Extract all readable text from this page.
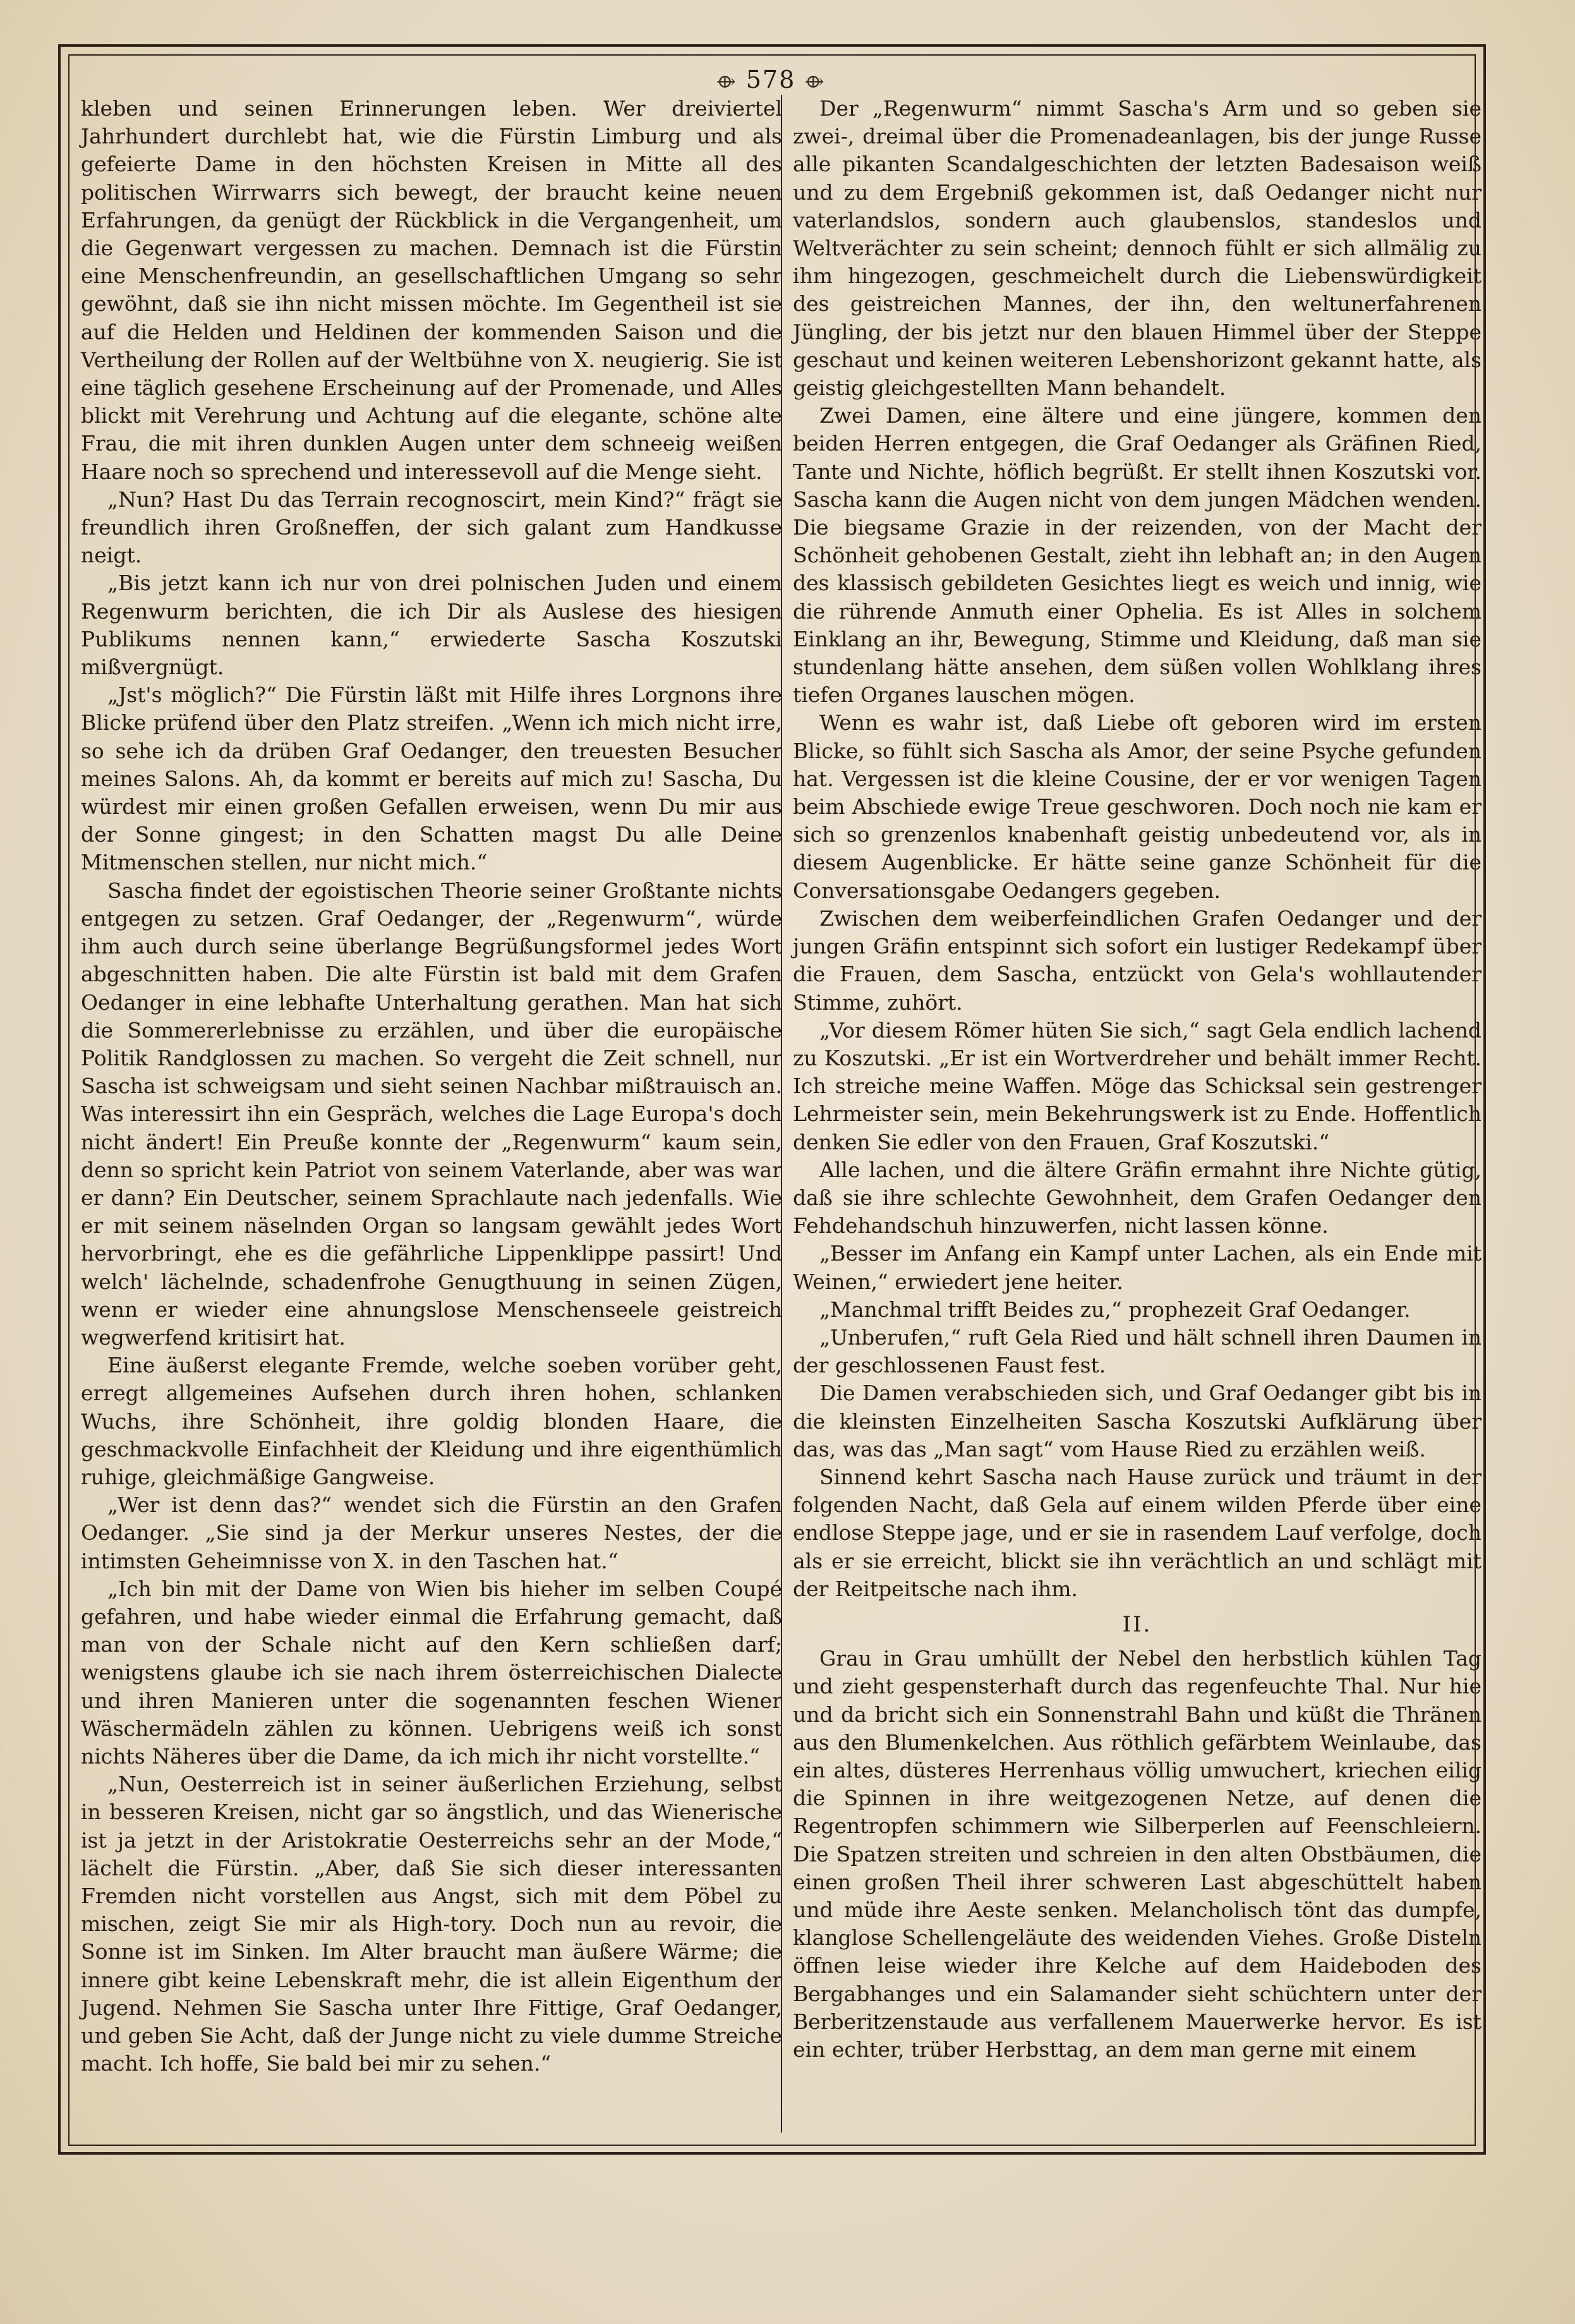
⟴ 578 ⟴

kleben und seinen Erinnerungen leben. Wer dreiviertel Jahrhundert durchlebt hat, wie die Fürstin Limburg und als gefeierte Dame in den höchsten Kreisen in Mitte all des politischen Wirrwarrs sich bewegt, der braucht keine neuen Erfahrungen, da genügt der Rückblick in die Vergangenheit, um die Gegenwart vergessen zu machen. Demnach ist die Fürstin eine Menschenfreundin, an gesellschaftlichen Umgang so sehr gewöhnt, daß sie ihn nicht missen möchte. Im Gegentheil ist sie auf die Helden und Heldinen der kommenden Saison und die Vertheilung der Rollen auf der Weltbühne von X. neugierig. Sie ist eine täglich gesehene Erscheinung auf der Promenade, und Alles blickt mit Verehrung und Achtung auf die elegante, schöne alte Frau, die mit ihren dunklen Augen unter dem schneeig weißen Haare noch so sprechend und interessevoll auf die Menge sieht.

„Nun? Hast Du das Terrain recognoscirt, mein Kind?“ frägt sie freundlich ihren Großneffen, der sich galant zum Handkusse neigt.

„Bis jetzt kann ich nur von drei polnischen Juden und einem Regenwurm berichten, die ich Dir als Auslese des hiesigen Publikums nennen kann,“ erwiederte Sascha Koszutski mißvergnügt.

„Jst's möglich?“ Die Fürstin läßt mit Hilfe ihres Lorgnons ihre Blicke prüfend über den Platz streifen. „Wenn ich mich nicht irre, so sehe ich da drüben Graf Oedanger, den treuesten Besucher meines Salons. Ah, da kommt er bereits auf mich zu! Sascha, Du würdest mir einen großen Gefallen erweisen, wenn Du mir aus der Sonne gingest; in den Schatten magst Du alle Deine Mitmenschen stellen, nur nicht mich.“

Sascha findet der egoistischen Theorie seiner Großtante nichts entgegen zu setzen. Graf Oedanger, der „Regenwurm“, würde ihm auch durch seine überlange Begrüßungsformel jedes Wort abgeschnitten haben. Die alte Fürstin ist bald mit dem Grafen Oedanger in eine lebhafte Unterhaltung gerathen. Man hat sich die Sommererlebnisse zu erzählen, und über die europäische Politik Randglossen zu machen. So vergeht die Zeit schnell, nur Sascha ist schweigsam und sieht seinen Nachbar mißtrauisch an. Was interessirt ihn ein Gespräch, welches die Lage Europa's doch nicht ändert! Ein Preuße konnte der „Regenwurm“ kaum sein, denn so spricht kein Patriot von seinem Vaterlande, aber was war er dann? Ein Deutscher, seinem Sprachlaute nach jedenfalls. Wie er mit seinem näselnden Organ so langsam gewählt jedes Wort hervorbringt, ehe es die gefährliche Lippenklippe passirt! Und welch' lächelnde, schadenfrohe Genugthuung in seinen Zügen, wenn er wieder eine ahnungslose Menschenseele geistreich wegwerfend kritisirt hat.

Eine äußerst elegante Fremde, welche soeben vorüber geht, erregt allgemeines Aufsehen durch ihren hohen, schlanken Wuchs, ihre Schönheit, ihre goldig blonden Haare, die geschmackvolle Einfachheit der Kleidung und ihre eigenthümlich ruhige, gleichmäßige Gangweise.

„Wer ist denn das?“ wendet sich die Fürstin an den Grafen Oedanger. „Sie sind ja der Merkur unseres Nestes, der die intimsten Geheimnisse von X. in den Taschen hat.“

„Ich bin mit der Dame von Wien bis hieher im selben Coupé gefahren, und habe wieder einmal die Erfahrung gemacht, daß man von der Schale nicht auf den Kern schließen darf; wenigstens glaube ich sie nach ihrem österreichischen Dialecte und ihren Manieren unter die sogenannten feschen Wiener Wäschermädeln zählen zu können. Uebrigens weiß ich sonst nichts Näheres über die Dame, da ich mich ihr nicht vorstellte.“

„Nun, Oesterreich ist in seiner äußerlichen Erziehung, selbst in besseren Kreisen, nicht gar so ängstlich, und das Wienerische ist ja jetzt in der Aristokratie Oesterreichs sehr an der Mode,“ lächelt die Fürstin. „Aber, daß Sie sich dieser interessanten Fremden nicht vorstellen aus Angst, sich mit dem Pöbel zu mischen, zeigt Sie mir als High-tory. Doch nun au revoir, die Sonne ist im Sinken. Im Alter braucht man äußere Wärme; die innere gibt keine Lebenskraft mehr, die ist allein Eigenthum der Jugend. Nehmen Sie Sascha unter Ihre Fittige, Graf Oedanger, und geben Sie Acht, daß der Junge nicht zu viele dumme Streiche macht. Ich hoffe, Sie bald bei mir zu sehen.“

Der „Regenwurm“ nimmt Sascha's Arm und so geben sie zwei-, dreimal über die Promenadeanlagen, bis der junge Russe alle pikanten Scandalgeschichten der letzten Badesaison weiß und zu dem Ergebniß gekommen ist, daß Oedanger nicht nur vaterlandslos, sondern auch glaubenslos, standeslos und Weltverächter zu sein scheint; dennoch fühlt er sich allmälig zu ihm hingezogen, geschmeichelt durch die Liebenswürdigkeit des geistreichen Mannes, der ihn, den weltunerfahrenen Jüngling, der bis jetzt nur den blauen Himmel über der Steppe geschaut und keinen weiteren Lebenshorizont gekannt hatte, als geistig gleichgestellten Mann behandelt.

Zwei Damen, eine ältere und eine jüngere, kommen den beiden Herren entgegen, die Graf Oedanger als Gräfinen Ried, Tante und Nichte, höflich begrüßt. Er stellt ihnen Koszutski vor. Sascha kann die Augen nicht von dem jungen Mädchen wenden. Die biegsame Grazie in der reizenden, von der Macht der Schönheit gehobenen Gestalt, zieht ihn lebhaft an; in den Augen des klassisch gebildeten Gesichtes liegt es weich und innig, wie die rührende Anmuth einer Ophelia. Es ist Alles in solchem Einklang an ihr, Bewegung, Stimme und Kleidung, daß man sie stundenlang hätte ansehen, dem süßen vollen Wohlklang ihres tiefen Organes lauschen mögen.

Wenn es wahr ist, daß Liebe oft geboren wird im ersten Blicke, so fühlt sich Sascha als Amor, der seine Psyche gefunden hat. Vergessen ist die kleine Cousine, der er vor wenigen Tagen beim Abschiede ewige Treue geschworen. Doch noch nie kam er sich so grenzenlos knabenhaft geistig unbedeutend vor, als in diesem Augenblicke. Er hätte seine ganze Schönheit für die Conversationsgabe Oedangers gegeben.

Zwischen dem weiberfeindlichen Grafen Oedanger und der jungen Gräfin entspinnt sich sofort ein lustiger Redekampf über die Frauen, dem Sascha, entzückt von Gela's wohllautender Stimme, zuhört.

„Vor diesem Römer hüten Sie sich,“ sagt Gela endlich lachend zu Koszutski. „Er ist ein Wortverdreher und behält immer Recht. Ich streiche meine Waffen. Möge das Schicksal sein gestrenger Lehrmeister sein, mein Bekehrungswerk ist zu Ende. Hoffentlich denken Sie edler von den Frauen, Graf Koszutski.“

Alle lachen, und die ältere Gräfin ermahnt ihre Nichte gütig, daß sie ihre schlechte Gewohnheit, dem Grafen Oedanger den Fehdehandschuh hinzuwerfen, nicht lassen könne.

„Besser im Anfang ein Kampf unter Lachen, als ein Ende mit Weinen,“ erwiedert jene heiter.

„Manchmal trifft Beides zu,“ prophezeit Graf Oedanger.

„Unberufen,“ ruft Gela Ried und hält schnell ihren Daumen in der geschlossenen Faust fest.

Die Damen verabschieden sich, und Graf Oedanger gibt bis in die kleinsten Einzelheiten Sascha Koszutski Aufklärung über das, was das „Man sagt“ vom Hause Ried zu erzählen weiß.

Sinnend kehrt Sascha nach Hause zurück und träumt in der folgenden Nacht, daß Gela auf einem wilden Pferde über eine endlose Steppe jage, und er sie in rasendem Lauf verfolge, doch als er sie erreicht, blickt sie ihn verächtlich an und schlägt mit der Reitpeitsche nach ihm.

II.

Grau in Grau umhüllt der Nebel den herbstlich kühlen Tag und zieht gespensterhaft durch das regenfeuchte Thal. Nur hie und da bricht sich ein Sonnenstrahl Bahn und küßt die Thränen aus den Blumenkelchen. Aus röthlich gefärbtem Weinlaube, das ein altes, düsteres Herrenhaus völlig umwuchert, kriechen eilig die Spinnen in ihre weitgezogenen Netze, auf denen die Regentropfen schimmern wie Silberperlen auf Feenschleiern. Die Spatzen streiten und schreien in den alten Obstbäumen, die einen großen Theil ihrer schweren Last abgeschüttelt haben und müde ihre Aeste senken. Melancholisch tönt das dumpfe, klanglose Schellengeläute des weidenden Viehes. Große Disteln öffnen leise wieder ihre Kelche auf dem Haideboden des Bergabhanges und ein Salamander sieht schüchtern unter der Berberitzenstaude aus verfallenem Mauerwerke hervor. Es ist ein echter, trüber Herbsttag, an dem man gerne mit einem
